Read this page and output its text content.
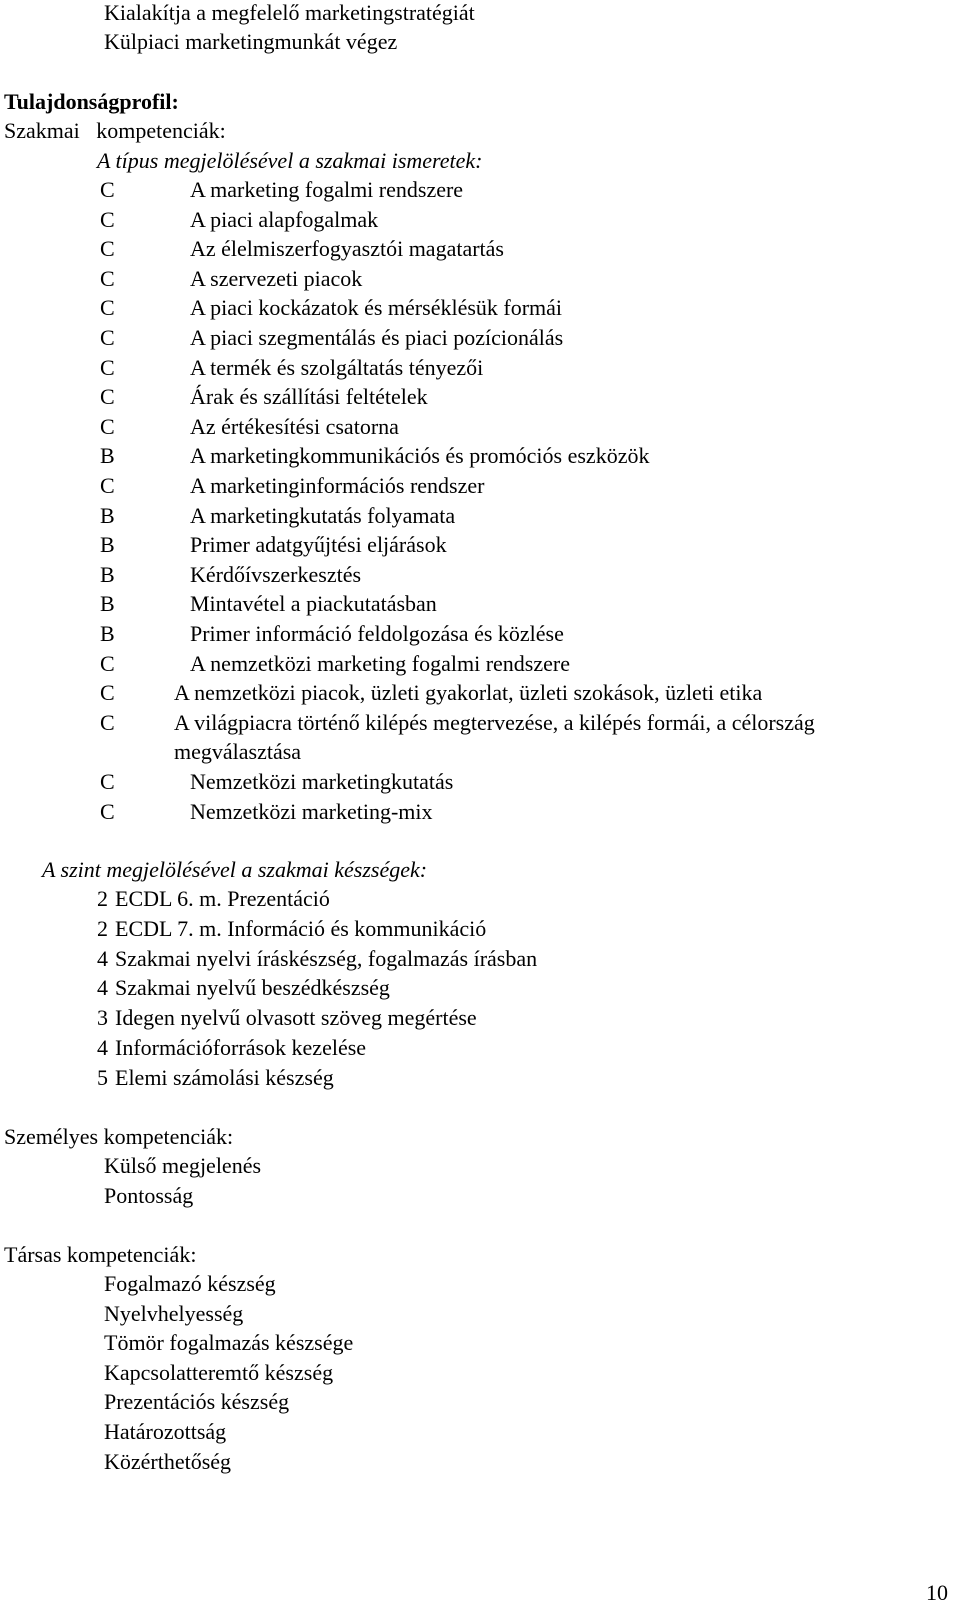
Kialakítja a megfelelő marketingstratégiát
Külpiaci marketingmunkát végez
Tulajdonságprofil:
Szakmai   kompetenciák:
A típus megjelölésével a szakmai ismeretek:
C	A marketing fogalmi rendszere
C	A piaci alapfogalmak
C	Az élelmiszerfogyasztói magatartás
C	A szervezeti piacok
C	A piaci kockázatok és mérséklésük formái
C	A piaci szegmentálás és piaci pozícionálás
C	A termék és szolgáltatás tényezői
C	Árak és szállítási feltételek
C	Az értékesítési csatorna
B	A marketingkommunikációs és promóciós eszközök
C	A marketinginformációs rendszer
B	A marketingkutatás folyamata
B	Primer adatgyűjtési eljárások
B	Kérdőívszerkesztés
B	Mintavétel a piackutatásban
B	Primer információ feldolgozása és közlése
C	A nemzetközi marketing fogalmi rendszere
C	A nemzetközi piacok, üzleti gyakorlat, üzleti szokások, üzleti etika
C	A világpiacra történő kilépés megtervezése, a kilépés formái, a célország
megválasztása
C	Nemzetközi marketingkutatás
C	Nemzetközi marketing-mix
A szint megjelölésével a szakmai készségek:
2 ECDL 6. m. Prezentáció
2 ECDL 7. m. Információ és kommunikáció
4 Szakmai nyelvi íráskészség, fogalmazás írásban
4 Szakmai nyelvű beszédkészség
3 Idegen nyelvű olvasott szöveg megértése
4 Információforrások kezelése
5 Elemi számolási készség
Személyes kompetenciák:
Külső megjelenés
Pontosság
Társas kompetenciák:
Fogalmazó készség
Nyelvhelyesség
Tömör fogalmazás készsége
Kapcsolatteremtő készség
Prezentációs készség
Határozottság
Közérthetőség
10
